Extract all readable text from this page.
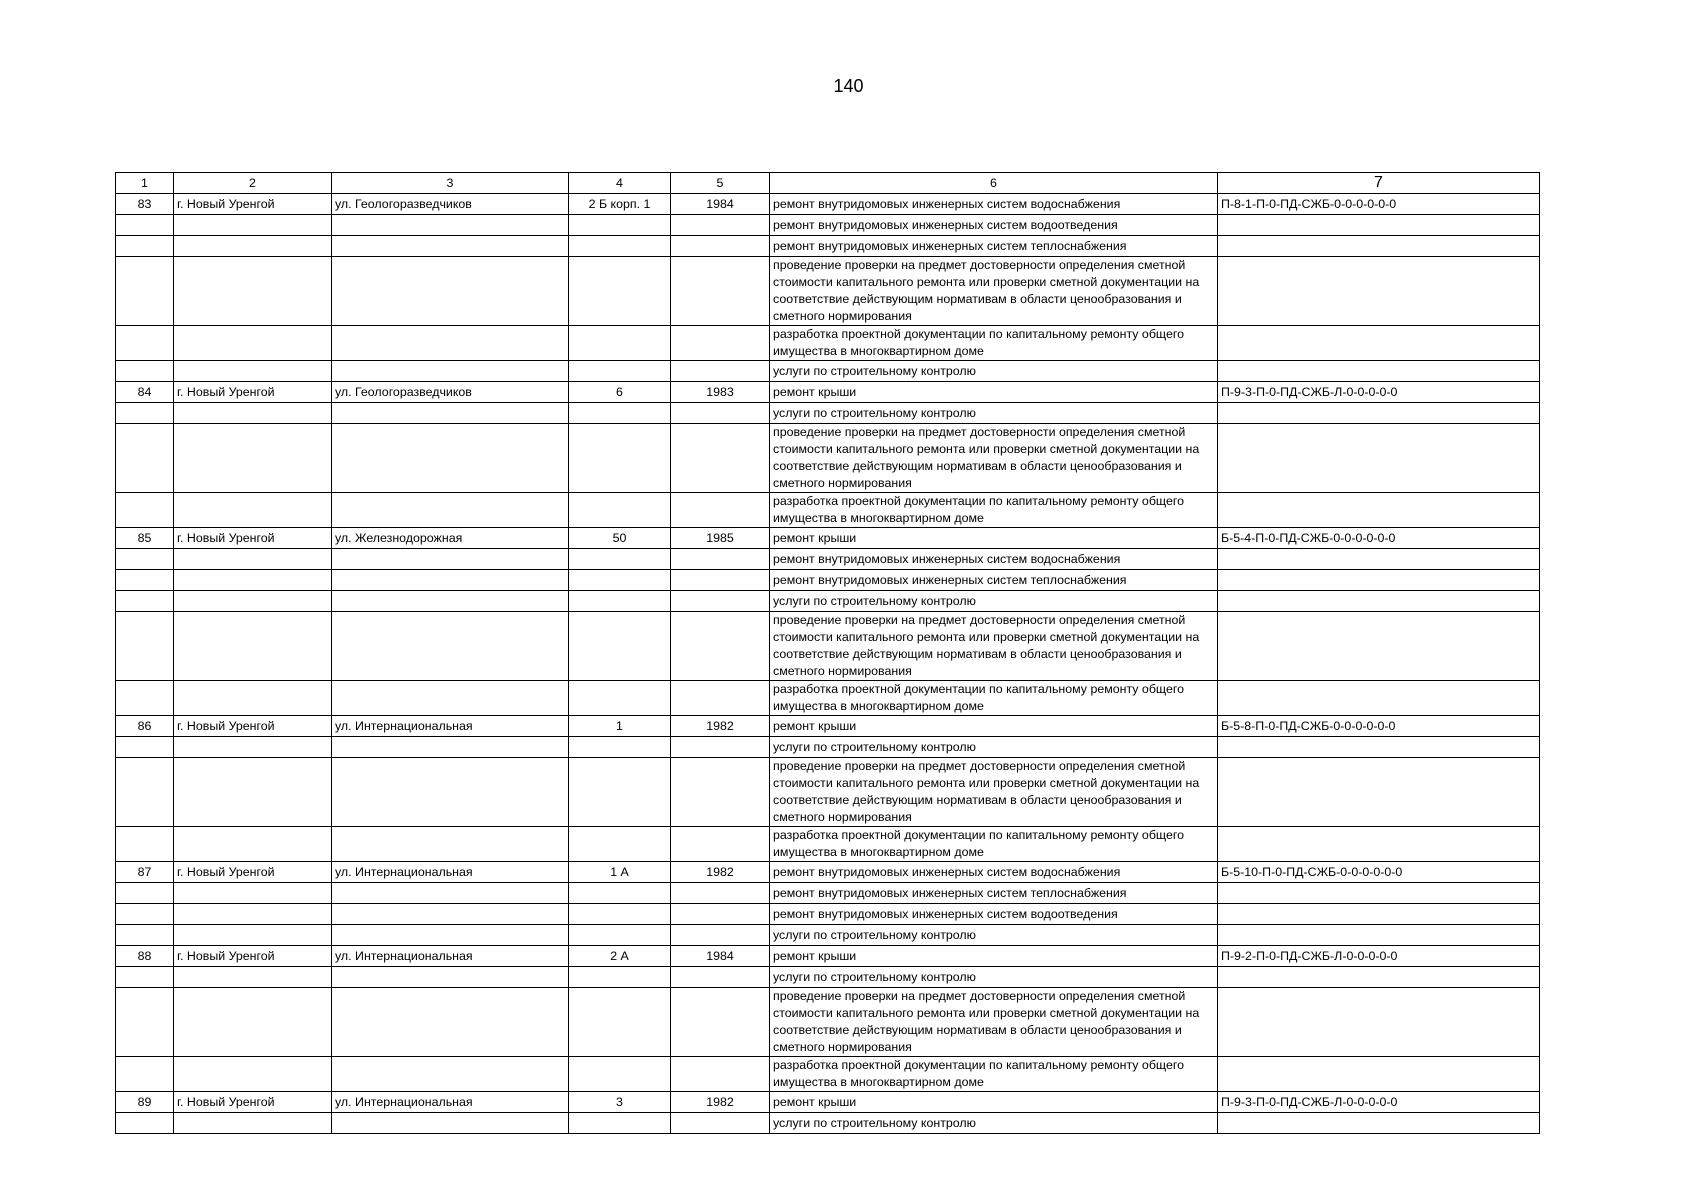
140
1	2	3	4	5	6	7
83	г. Новый Уренгой	ул. Геологоразведчиков	2 Б корп. 1	1984	ремонт внутридомовых инженерных систем водоснабжения	П-8-1-П-0-ПД-СЖБ-0-0-0-0-0-0
					ремонт внутридомовых инженерных систем водоотведения	
					ремонт внутридомовых инженерных систем теплоснабжения	
					проведение проверки на предмет достоверности определения сметной стоимости капитального ремонта или проверки сметной документации на соответствие действующим нормативам в области ценообразования и сметного нормирования	
					разработка проектной документации по капитальному ремонту общего имущества в многоквартирном доме	
					услуги по строительному контролю	
84	г. Новый Уренгой	ул. Геологоразведчиков	6	1983	ремонт крыши	П-9-3-П-0-ПД-СЖБ-Л-0-0-0-0-0
					услуги по строительному контролю	
					проведение проверки на предмет достоверности определения сметной стоимости капитального ремонта или проверки сметной документации на соответствие действующим нормативам в области ценообразования и сметного нормирования	
					разработка проектной документации по капитальному ремонту общего имущества в многоквартирном доме	
85	г. Новый Уренгой	ул. Железнодорожная	50	1985	ремонт крыши	Б-5-4-П-0-ПД-СЖБ-0-0-0-0-0-0
					ремонт внутридомовых инженерных систем водоснабжения	
					ремонт внутридомовых инженерных систем теплоснабжения	
					услуги по строительному контролю	
					проведение проверки на предмет достоверности определения сметной стоимости капитального ремонта или проверки сметной документации на соответствие действующим нормативам в области ценообразования и сметного нормирования	
					разработка проектной документации по капитальному ремонту общего имущества в многоквартирном доме	
86	г. Новый Уренгой	ул. Интернациональная	1	1982	ремонт крыши	Б-5-8-П-0-ПД-СЖБ-0-0-0-0-0-0
					услуги по строительному контролю	
					проведение проверки на предмет достоверности определения сметной стоимости капитального ремонта или проверки сметной документации на соответствие действующим нормативам в области ценообразования и сметного нормирования	
					разработка проектной документации по капитальному ремонту общего имущества в многоквартирном доме	
87	г. Новый Уренгой	ул. Интернациональная	1 А	1982	ремонт внутридомовых инженерных систем водоснабжения	Б-5-10-П-0-ПД-СЖБ-0-0-0-0-0-0
					ремонт внутридомовых инженерных систем теплоснабжения	
					ремонт внутридомовых инженерных систем водоотведения	
					услуги по строительному контролю	
88	г. Новый Уренгой	ул. Интернациональная	2 А	1984	ремонт крыши	П-9-2-П-0-ПД-СЖБ-Л-0-0-0-0-0
					услуги по строительному контролю	
					проведение проверки на предмет достоверности определения сметной стоимости капитального ремонта или проверки сметной документации на соответствие действующим нормативам в области ценообразования и сметного нормирования	
					разработка проектной документации по капитальному ремонту общего имущества в многоквартирном доме	
89	г. Новый Уренгой	ул. Интернациональная	3	1982	ремонт крыши	П-9-3-П-0-ПД-СЖБ-Л-0-0-0-0-0
					услуги по строительному контролю	
